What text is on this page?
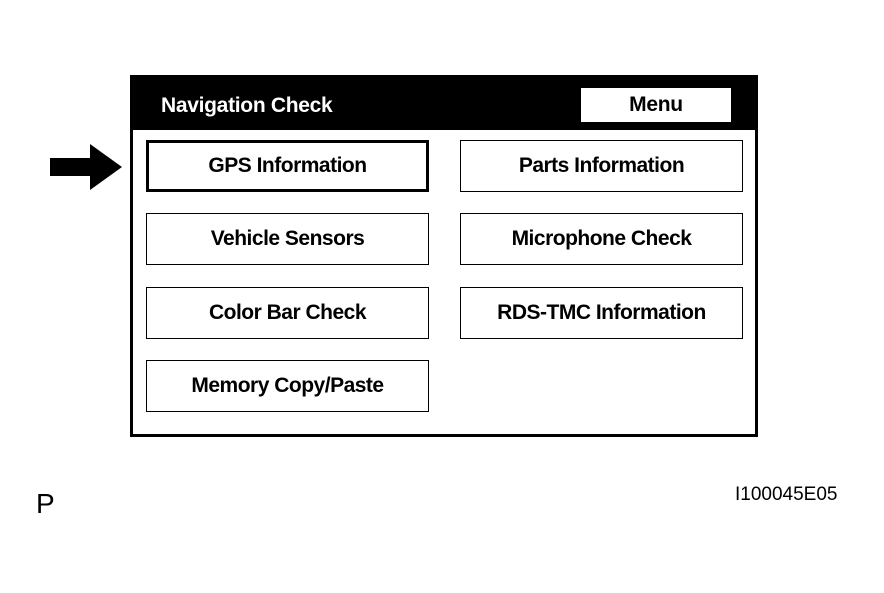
Navigation Check	Menu
GPS Information	Parts Information
Vehicle Sensors	Microphone Check
Color Bar Check	RDS-TMC Information
Memory Copy/Paste
P	I100045E05
